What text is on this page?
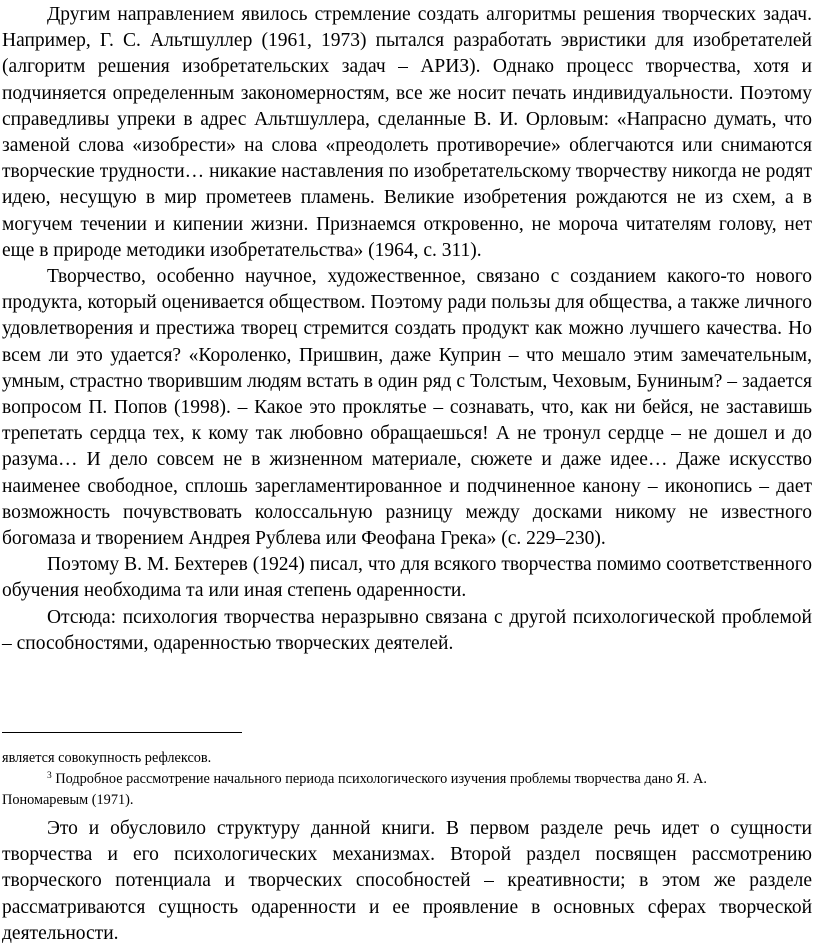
Другим направлением явилось стремление создать алгоритмы решения творческих задач. Например, Г. С. Альтшуллер (1961, 1973) пытался разработать эвристики для изобретателей (алгоритм решения изобретательских задач – АРИЗ). Однако процесс творчества, хотя и подчиняется определенным закономерностям, все же носит печать индивидуальности. Поэтому справедливы упреки в адрес Альтшуллера, сделанные В. И. Орловым: «Напрасно думать, что заменой слова «изобрести» на слова «преодолеть противоречие» облегчаются или снимаются творческие трудности… никакие наставления по изобретательскому творчеству никогда не родят идею, несущую в мир прометеев пламень. Великие изобретения рождаются не из схем, а в могучем течении и кипении жизни. Признаемся откровенно, не мороча читателям голову, нет еще в природе методики изобретательства» (1964, с. 311).

Творчество, особенно научное, художественное, связано с созданием какого-то нового продукта, который оценивается обществом. Поэтому ради пользы для общества, а также личного удовлетворения и престижа творец стремится создать продукт как можно лучшего качества. Но всем ли это удается? «Короленко, Пришвин, даже Куприн – что мешало этим замечательным, умным, страстно творившим людям встать в один ряд с Толстым, Чеховым, Буниным? – задается вопросом П. Попов (1998). – Какое это проклятье – сознавать, что, как ни бейся, не заставишь трепетать сердца тех, к кому так любовно обращаешься! А не тронул сердце – не дошел и до разума… И дело совсем не в жизненном материале, сюжете и даже идее… Даже искусство наименее свободное, сплошь зарегламентированное и подчиненное канону – иконопись – дает возможность почувствовать колоссальную разницу между досками никому не известного богомаза и творением Андрея Рублева или Феофана Грека» (с. 229–230).

Поэтому В. М. Бехтерев (1924) писал, что для всякого творчества помимо соответственного обучения необходима та или иная степень одаренности.

Отсюда: психология творчества неразрывно связана с другой психологической проблемой – способностями, одаренностью творческих деятелей.

является совокупность рефлексов.

$^3$ Подробное рассмотрение начального периода психологического изучения проблемы творчества дано Я. А. Пономаревым (1971).

Это и обусловило структуру данной книги. В первом разделе речь идет о сущности творчества и его психологических механизмах. Второй раздел посвящен рассмотрению творческого потенциала и творческих способностей – креативности; в этом же разделе рассматриваются сущность одаренности и ее проявление в основных сферах творческой деятельности.
